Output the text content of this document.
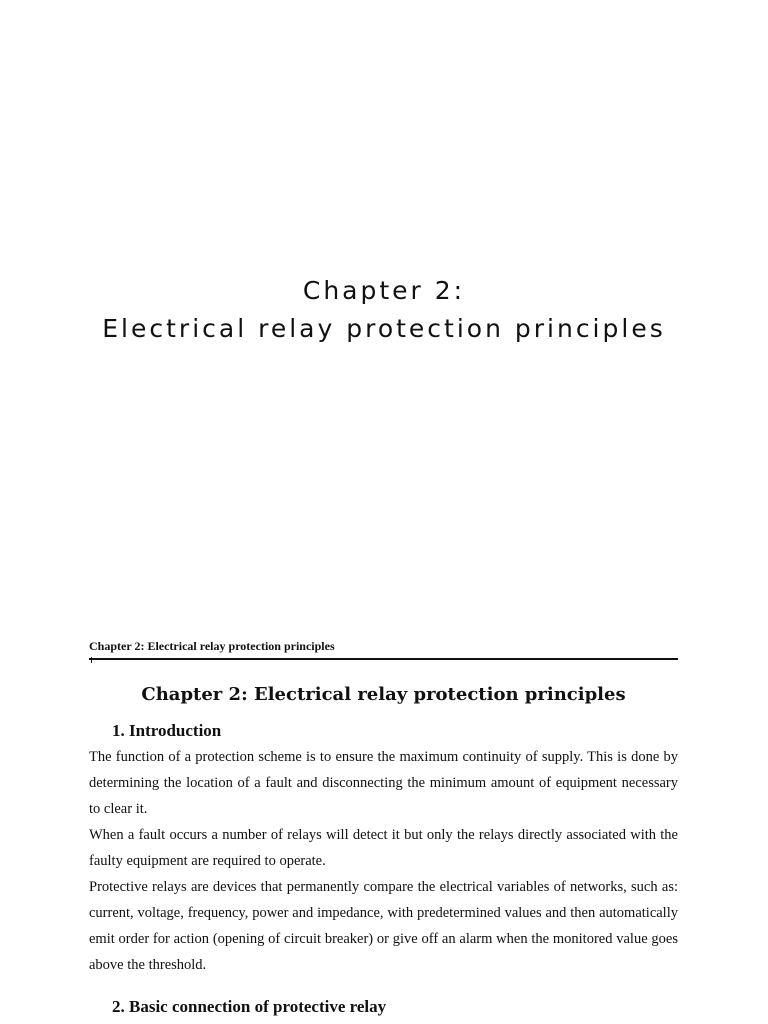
Chapter 2:
Electrical relay protection principles
Chapter 2: Electrical relay protection principles
Chapter 2: Electrical relay protection principles
1. Introduction

The function of a protection scheme is to ensure the maximum continuity of supply. This is done by determining the location of a fault and disconnecting the minimum amount of equipment necessary to clear it.

When a fault occurs a number of relays will detect it but only the relays directly associated with the faulty equipment are required to operate.

Protective relays are devices that permanently compare the electrical variables of networks, such as: current, voltage, frequency, power and impedance, with predetermined values and then automatically emit order for action (opening of circuit breaker) or give off an alarm when the monitored value goes above the threshold.

2. Basic connection of protective relay
